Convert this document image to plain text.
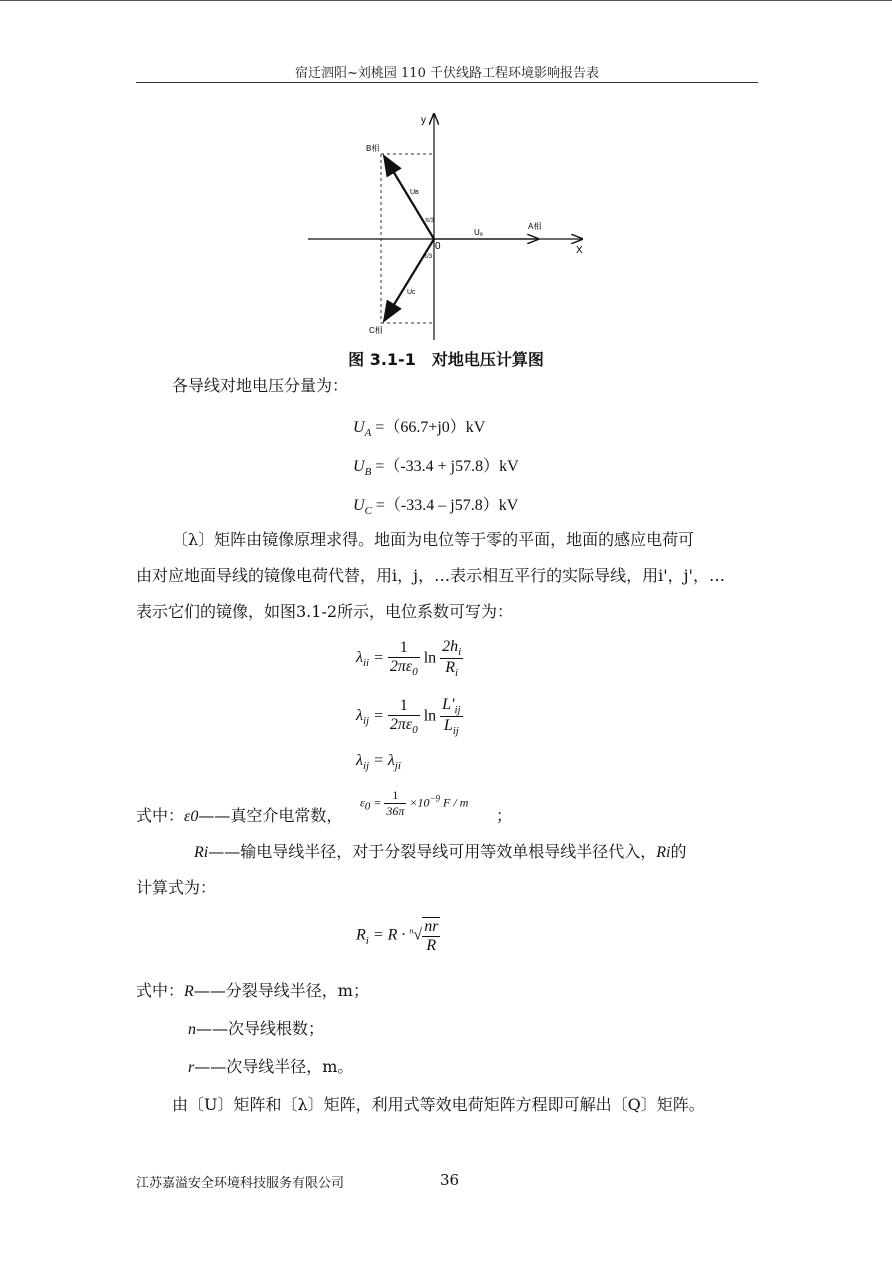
宿迁泗阳~刘桃园 110 千伏线路工程环境影响报告表
y
X
0
Uₐ
Uʙ
Uc
A相
B相
C相
π/3
π/3
图 3.1-1　对地电压计算图
各导线对地电压分量为：
$U_A =(66.7+j0)kV$
$U_B =(-33.4 + j57.8)kV$
$U_C =(-33.4 - j57.8)kV$
〔λ〕矩阵由镜像原理求得。地面为电位等于零的平面，地面的感应电荷可
由对应地面导线的镜像电荷代替，用i，j，…表示相互平行的实际导线，用i'，j'，…
表示它们的镜像，如图3.1-2所示，电位系数可写为：
$\lambda_{ii} = \frac{1}{2\pi\varepsilon_0}$ $\ln \frac{2h_i}{R_i}$
$\lambda_{ij} = \frac{1}{2\pi\varepsilon_0}$ $\ln \frac{L'_{ij}}{L_{ij}}$
$\lambda_{ij} = \lambda_{ji}$
式中：ε0——真空介电常数，
$\varepsilon_0 = \frac{1}{36\pi} \times 10^{-9}$ F / m
；
Ri——输电导线半径，对于分裂导线可用等效单根导线半径代入，Ri的
计算式为：
$R_i = R \cdot ^n√ \frac{nr}{R}$
式中：R——分裂导线半径，m；
n——次导线根数；
r——次导线半径，m。
由〔U〕矩阵和〔λ〕矩阵，利用式等效电荷矩阵方程即可解出〔Q〕矩阵。
江苏嘉溢安全环境科技服务有限公司	36
